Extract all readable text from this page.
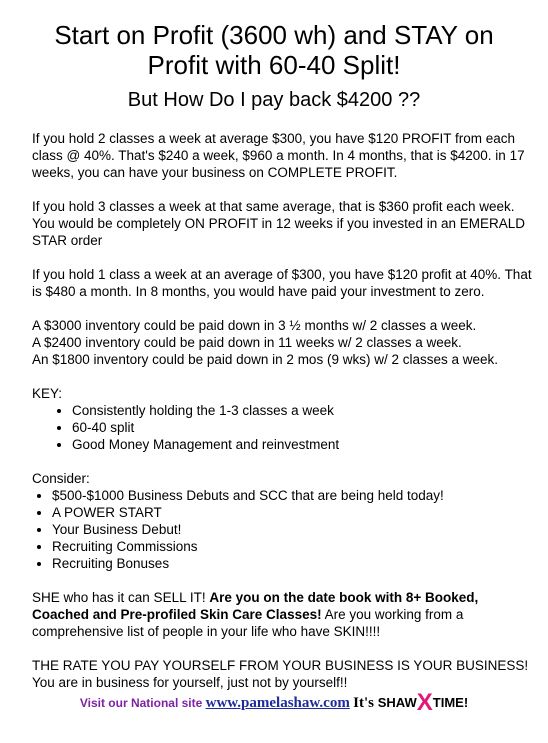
Start on Profit (3600 wh) and STAY on
Profit with 60-40 Split!
But How Do I pay back $4200 ??

If you hold 2 classes a week at average $300, you have $120 PROFIT from each class @ 40%. That's $240 a week, $960 a month. In 4 months, that is $4200. in 17 weeks, you can have your business on COMPLETE PROFIT.

If you hold 3 classes a week at that same average, that is $360 profit each week. You would be completely ON PROFIT in 12 weeks if you invested in an EMERALD STAR order

If you hold 1 class a week at an average of $300, you have $120 profit at 40%. That is $480 a month. In 8 months, you would have paid your investment to zero.

A $3000 inventory could be paid down in 3 ½ months w/ 2 classes a week.

A $2400 inventory could be paid down in 11 weeks w/ 2 classes a week.

An $1800 inventory could be paid down in 2 mos (9 wks) w/ 2 classes a week.

KEY:

• Consistently holding the 1-3 classes a week
• 60-40 split
• Good Money Management and reinvestment

Consider:

• $500-$1000 Business Debuts and SCC that are being held today!
• A POWER START
• Your Business Debut!
• Recruiting Commissions
• Recruiting Bonuses

SHE who has it can SELL IT! Are you on the date book with 8+ Booked, Coached and Pre-profiled Skin Care Classes! Are you working from a comprehensive list of people in your life who have SKIN!!!!

THE RATE YOU PAY YOURSELF FROM YOUR BUSINESS IS YOUR BUSINESS! You are in business for yourself, just not by yourself!!

Visit our National site www.pamelashaw.com It's SHAWXTIME!
